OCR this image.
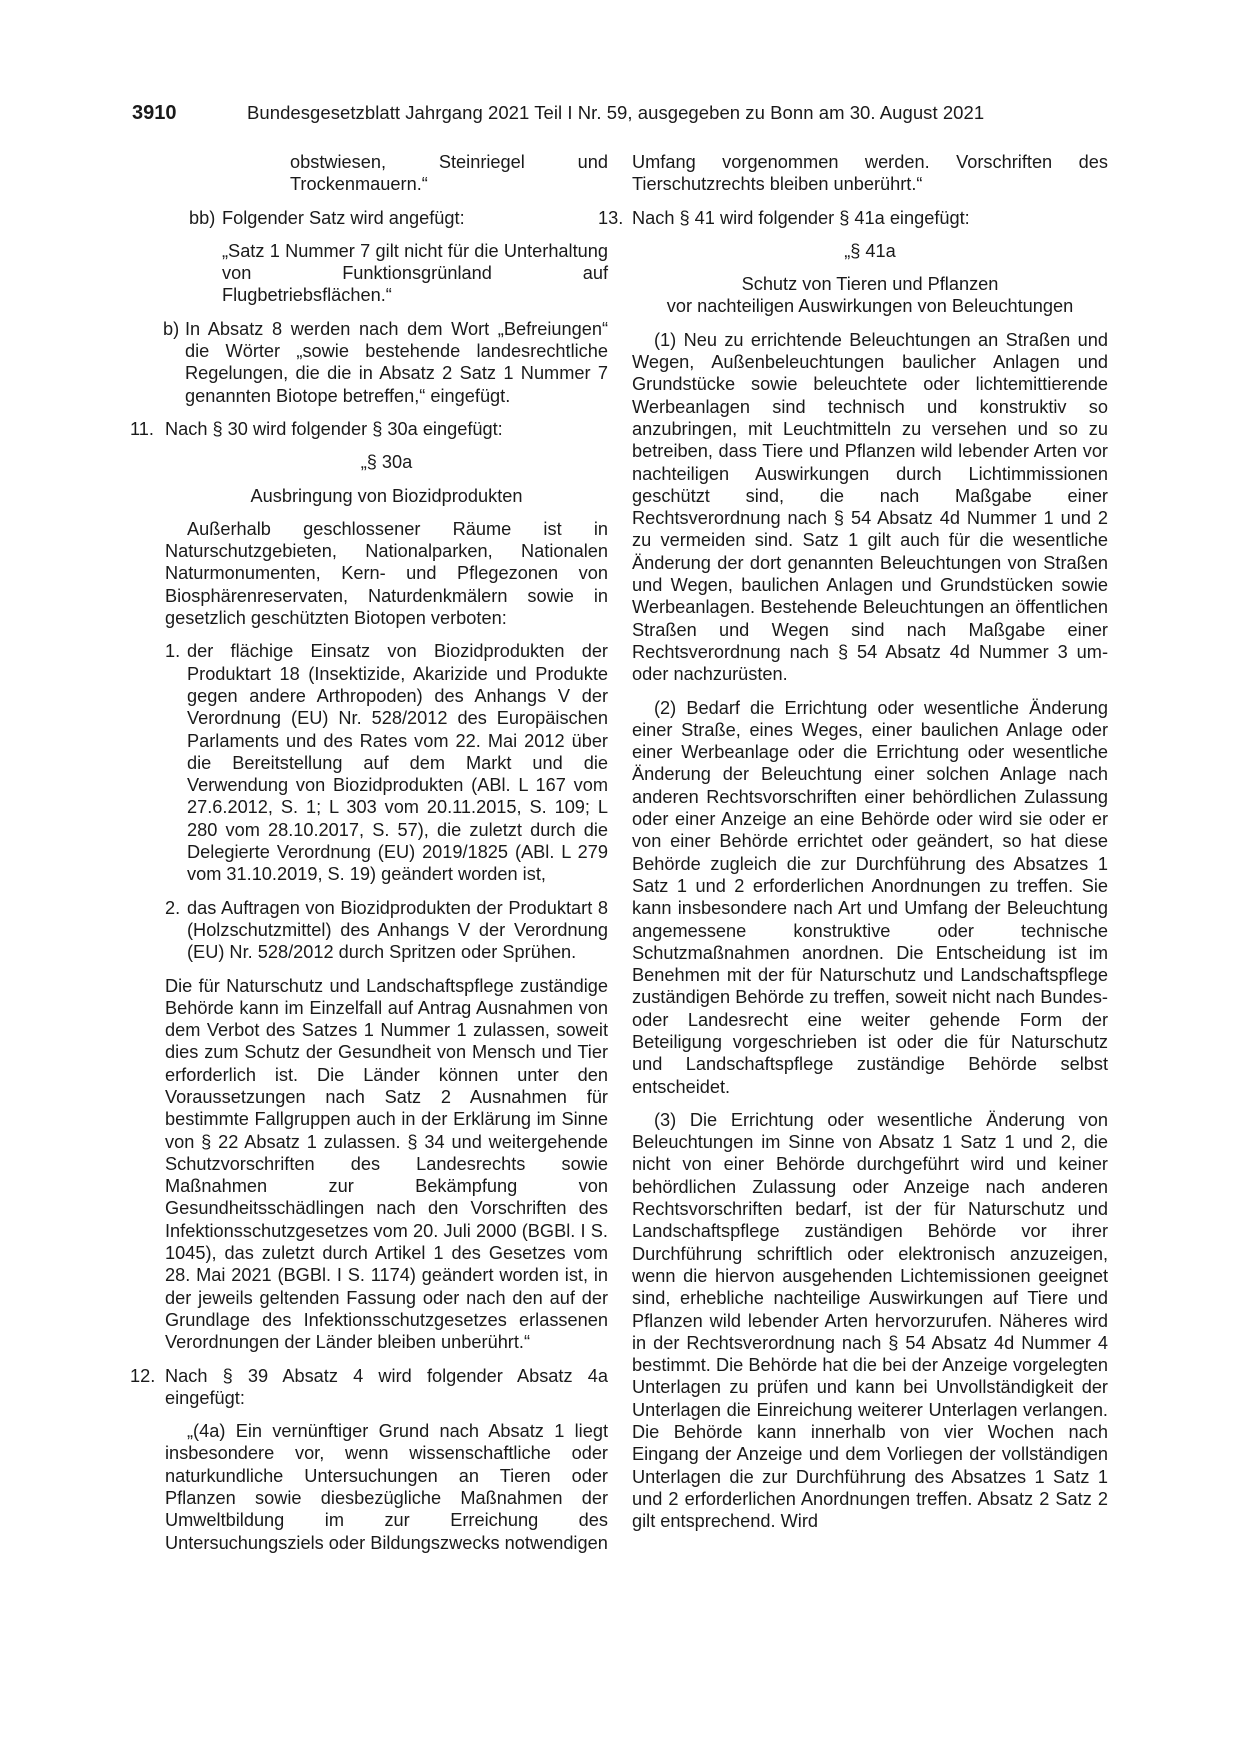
3910	Bundesgesetzblatt Jahrgang 2021 Teil I Nr. 59, ausgegeben zu Bonn am 30. August 2021

obstwiesen, Steinriegel und Trockenmauern.“

bb) Folgender Satz wird angefügt:

„Satz 1 Nummer 7 gilt nicht für die Unterhaltung von Funktionsgrünland auf Flugbetriebsflächen.“

b) In Absatz 8 werden nach dem Wort „Befreiungen“ die Wörter „sowie bestehende landesrechtliche Regelungen, die die in Absatz 2 Satz 1 Nummer 7 genannten Biotope betreffen,“ eingefügt.

11. Nach § 30 wird folgender § 30a eingefügt:

„§ 30a

Ausbringung von Biozidprodukten

Außerhalb geschlossener Räume ist in Naturschutzgebieten, Nationalparken, Nationalen Naturmonumenten, Kern- und Pflegezonen von Biosphärenreservaten, Naturdenkmälern sowie in gesetzlich geschützten Biotopen verboten:

1. der flächige Einsatz von Biozidprodukten der Produktart 18 (Insektizide, Akarizide und Produkte gegen andere Arthropoden) des Anhangs V der Verordnung (EU) Nr. 528/2012 des Europäischen Parlaments und des Rates vom 22. Mai 2012 über die Bereitstellung auf dem Markt und die Verwendung von Biozidprodukten (ABl. L 167 vom 27.6.2012, S. 1; L 303 vom 20.11.2015, S. 109; L 280 vom 28.10.2017, S. 57), die zuletzt durch die Delegierte Verordnung (EU) 2019/1825 (ABl. L 279 vom 31.10.2019, S. 19) geändert worden ist,

2. das Auftragen von Biozidprodukten der Produktart 8 (Holzschutzmittel) des Anhangs V der Verordnung (EU) Nr. 528/2012 durch Spritzen oder Sprühen.

Die für Naturschutz und Landschaftspflege zuständige Behörde kann im Einzelfall auf Antrag Ausnahmen von dem Verbot des Satzes 1 Nummer 1 zulassen, soweit dies zum Schutz der Gesundheit von Mensch und Tier erforderlich ist. Die Länder können unter den Voraussetzungen nach Satz 2 Ausnahmen für bestimmte Fallgruppen auch in der Erklärung im Sinne von § 22 Absatz 1 zulassen. § 34 und weitergehende Schutzvorschriften des Landesrechts sowie Maßnahmen zur Bekämpfung von Gesundheitsschädlingen nach den Vorschriften des Infektionsschutzgesetzes vom 20. Juli 2000 (BGBl. I S. 1045), das zuletzt durch Artikel 1 des Gesetzes vom 28. Mai 2021 (BGBl. I S. 1174) geändert worden ist, in der jeweils geltenden Fassung oder nach den auf der Grundlage des Infektionsschutzgesetzes erlassenen Verordnungen der Länder bleiben unberührt.“

12. Nach § 39 Absatz 4 wird folgender Absatz 4a eingefügt:

„(4a) Ein vernünftiger Grund nach Absatz 1 liegt insbesondere vor, wenn wissenschaftliche oder naturkundliche Untersuchungen an Tieren oder Pflanzen sowie diesbezügliche Maßnahmen der Umweltbildung im zur Erreichung des Untersuchungsziels oder Bildungszwecks notwendigen

Umfang vorgenommen werden. Vorschriften des Tierschutzrechts bleiben unberührt.“

13. Nach § 41 wird folgender § 41a eingefügt:

„§ 41a

Schutz von Tieren und Pflanzen

vor nachteiligen Auswirkungen von Beleuchtungen

(1) Neu zu errichtende Beleuchtungen an Straßen und Wegen, Außenbeleuchtungen baulicher Anlagen und Grundstücke sowie beleuchtete oder lichtemittierende Werbeanlagen sind technisch und konstruktiv so anzubringen, mit Leuchtmitteln zu versehen und so zu betreiben, dass Tiere und Pflanzen wild lebender Arten vor nachteiligen Auswirkungen durch Lichtimmissionen geschützt sind, die nach Maßgabe einer Rechtsverordnung nach § 54 Absatz 4d Nummer 1 und 2 zu vermeiden sind. Satz 1 gilt auch für die wesentliche Änderung der dort genannten Beleuchtungen von Straßen und Wegen, baulichen Anlagen und Grundstücken sowie Werbeanlagen. Bestehende Beleuchtungen an öffentlichen Straßen und Wegen sind nach Maßgabe einer Rechtsverordnung nach § 54 Absatz 4d Nummer 3 um- oder nachzurüsten.

(2) Bedarf die Errichtung oder wesentliche Änderung einer Straße, eines Weges, einer baulichen Anlage oder einer Werbeanlage oder die Errichtung oder wesentliche Änderung der Beleuchtung einer solchen Anlage nach anderen Rechtsvorschriften einer behördlichen Zulassung oder einer Anzeige an eine Behörde oder wird sie oder er von einer Behörde errichtet oder geändert, so hat diese Behörde zugleich die zur Durchführung des Absatzes 1 Satz 1 und 2 erforderlichen Anordnungen zu treffen. Sie kann insbesondere nach Art und Umfang der Beleuchtung angemessene konstruktive oder technische Schutzmaßnahmen anordnen. Die Entscheidung ist im Benehmen mit der für Naturschutz und Landschaftspflege zuständigen Behörde zu treffen, soweit nicht nach Bundes- oder Landesrecht eine weiter gehende Form der Beteiligung vorgeschrieben ist oder die für Naturschutz und Landschaftspflege zuständige Behörde selbst entscheidet.

(3) Die Errichtung oder wesentliche Änderung von Beleuchtungen im Sinne von Absatz 1 Satz 1 und 2, die nicht von einer Behörde durchgeführt wird und keiner behördlichen Zulassung oder Anzeige nach anderen Rechtsvorschriften bedarf, ist der für Naturschutz und Landschaftspflege zuständigen Behörde vor ihrer Durchführung schriftlich oder elektronisch anzuzeigen, wenn die hiervon ausgehenden Lichtemissionen geeignet sind, erhebliche nachteilige Auswirkungen auf Tiere und Pflanzen wild lebender Arten hervorzurufen. Näheres wird in der Rechtsverordnung nach § 54 Absatz 4d Nummer 4 bestimmt. Die Behörde hat die bei der Anzeige vorgelegten Unterlagen zu prüfen und kann bei Unvollständigkeit der Unterlagen die Einreichung weiterer Unterlagen verlangen. Die Behörde kann innerhalb von vier Wochen nach Eingang der Anzeige und dem Vorliegen der vollständigen Unterlagen die zur Durchführung des Absatzes 1 Satz 1 und 2 erforderlichen Anordnungen treffen. Absatz 2 Satz 2 gilt entsprechend. Wird
